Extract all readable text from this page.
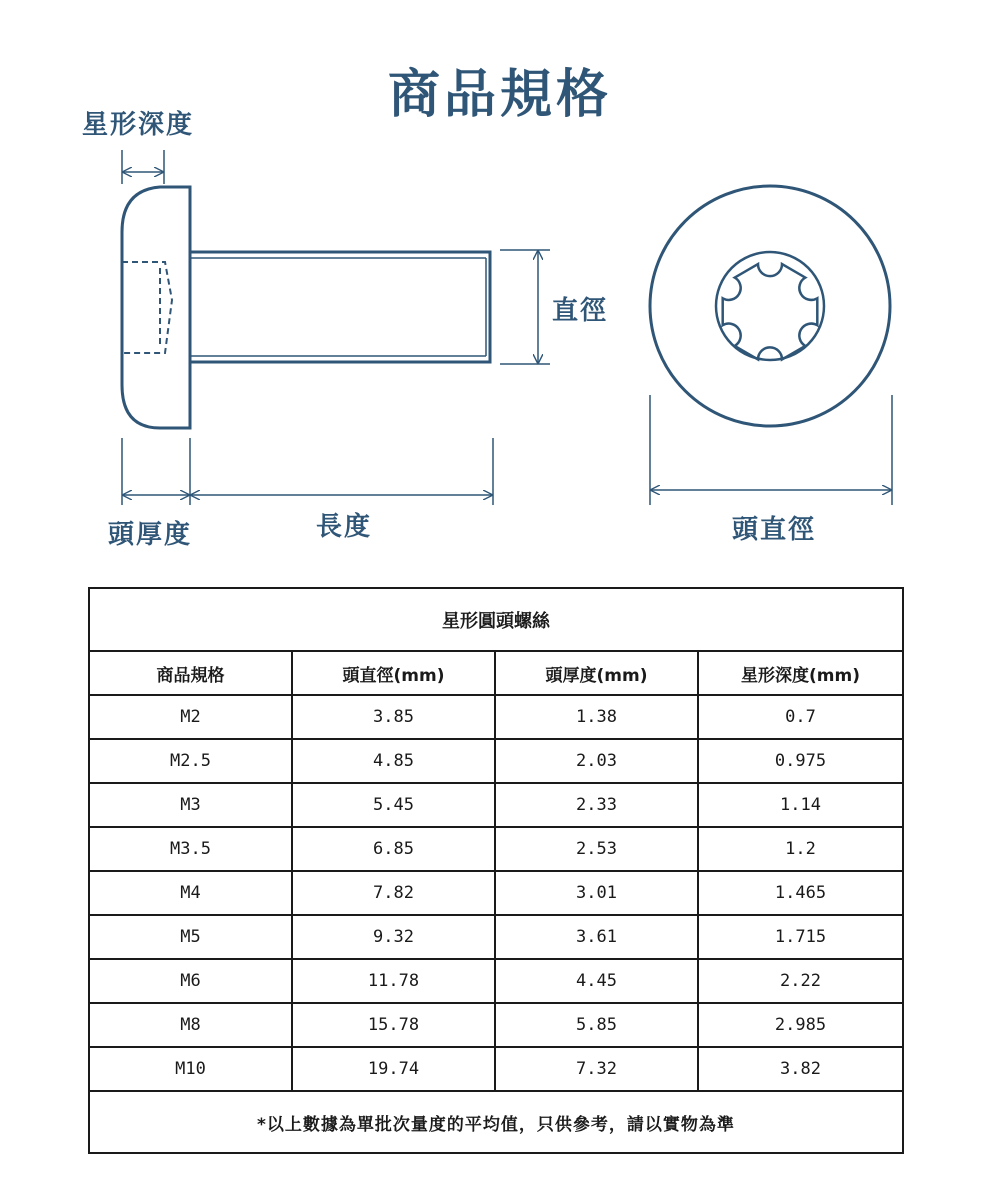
商品規格
星形深度
直徑
頭厚度	長度	頭直徑
星形圓頭螺絲			
商品規格	頭直徑(mm)	頭厚度(mm)	星形深度(mm)
M2	3.85	1.38	0.7
M2.5	4.85	2.03	0.975
M3	5.45	2.33	1.14
M3.5	6.85	2.53	1.2
M4	7.82	3.01	1.465
M5	9.32	3.61	1.715
M6	11.78	4.45	2.22
M8	15.78	5.85	2.985
M10	19.74	7.32	3.82
*以上數據為單批次量度的平均值，只供參考，請以實物為準			
